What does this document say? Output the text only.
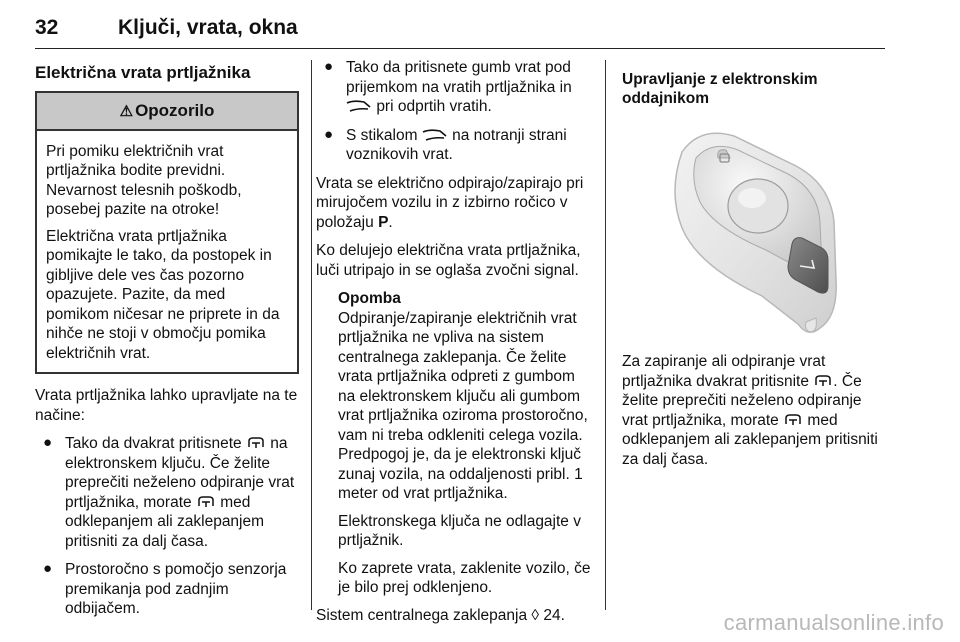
32	Ključi, vrata, okna
Električna vrata prtljažnika
⚠ Opozorilo

Pri pomiku električnih vrat prtljažnika bodite previdni. Nevarnost telesnih poškodb, posebej pazite na otroke!

Električna vrata prtljažnika pomikajte le tako, da postopek in gibljive dele ves čas pozorno opazujete. Pazite, da med pomikom ničesar ne priprete in da nihče ne stoji v območju pomika električnih vrat.

Vrata prtljažnika lahko upravljate na te načine:

● Tako da dvakrat pritisnete na elektronskem ključu. Če želite preprečiti neželeno odpiranje vrat prtljažnika, morate med odklepanjem ali zaklepanjem pritisniti za dalj časa.
● Prostoročno s pomočjo senzorja premikanja pod zadnjim odbijačem.
● Tako da pritisnete gumb vrat pod prijemkom na vratih prtljažnika in  pri odprtih vratih.
● S stikalom na notranji strani voznikovih vrat.

Vrata se električno odpirajo/zapirajo pri mirujočem vozilu in z izbirno ročico v položaju P.

Ko delujejo električna vrata prtljažnika, luči utripajo in se oglaša zvočni signal.

Opomba

Odpiranje/zapiranje električnih vrat prtljažnika ne vpliva na sistem centralnega zaklepanja. Če želite vrata prtljažnika odpreti z gumbom na elektronskem ključu ali gumbom vrat prtljažnika oziroma prostoročno, vam ni treba odkleniti celega vozila. Predpogoj je, da je elektronski ključ zunaj vozila, na oddaljenosti pribl. 1 meter od vrat prtljažnika.

Elektronskega ključa ne odlagajte v prtljažnik.

Ko zaprete vrata, zaklenite vozilo, če je bilo prej odklenjeno.

Sistem centralnega zaklepanja ◊ 24.

Upravljanje z elektronskim oddajnikom

Za zapiranje ali odpiranje vrat prtljažnika dvakrat pritisnite . Če želite preprečiti neželeno odpiranje vrat prtljažnika, morate med odklepanjem ali zaklepanjem pritisniti za dalj časa.

carmanualsonline.info
